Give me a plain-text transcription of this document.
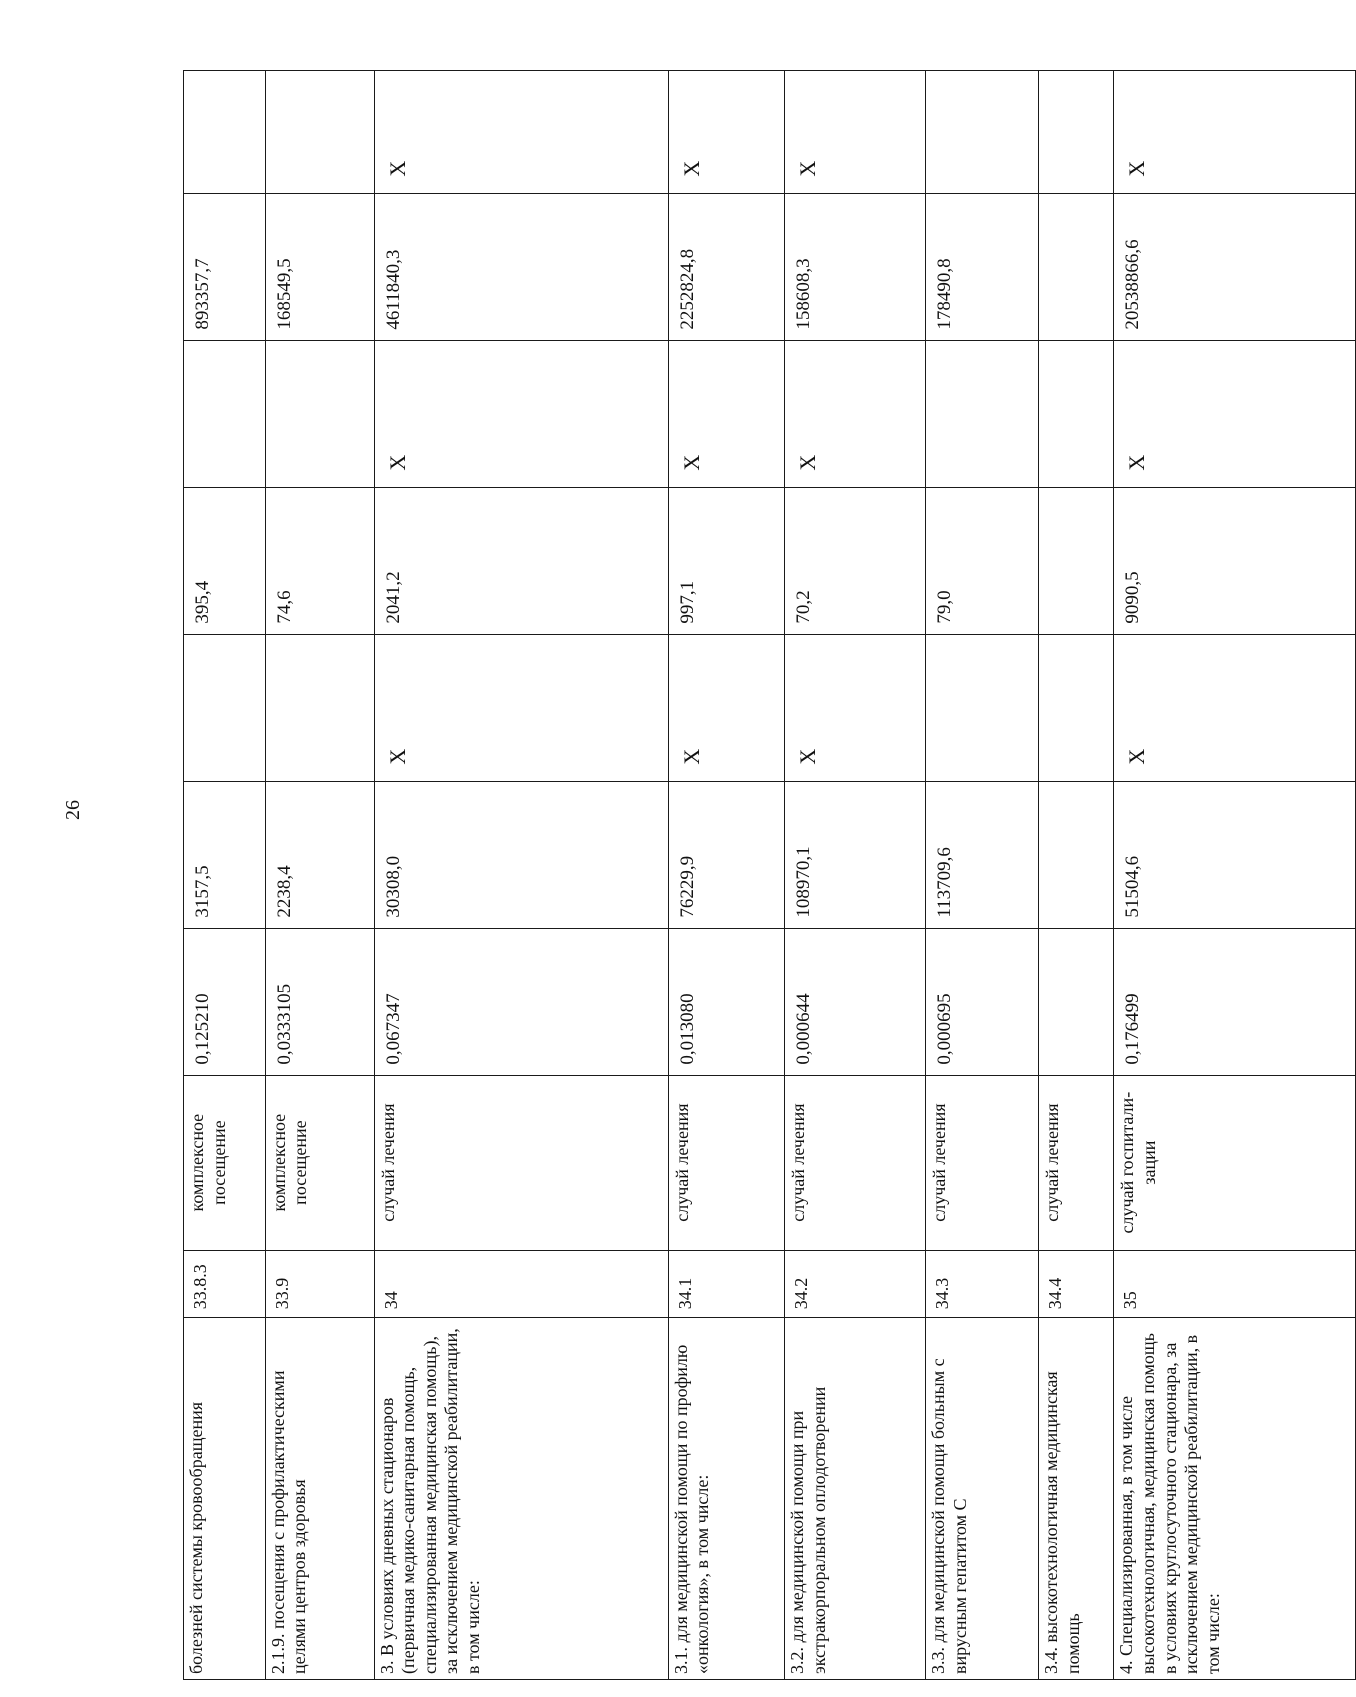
26
болезней системы кровообращения	33.8.3	комплексное посещение	0,125210	3157,5		395,4		893357,7	
2.1.9. посещения с профилактическими целями центров здоровья	33.9	комплексное посещение	0,0333105	2238,4		74,6		168549,5	
3. В условиях дневных стационаров (первичная медико-санитарная помощь, специализированная медицинская помощь), за исключением медицинской реабилитации, в том числе:	34	случай лечения	0,067347	30308,0	X	2041,2	X	4611840,3	X
3.1. для медицинской помощи по профилю «онкология», в том числе:	34.1	случай лечения	0,013080	76229,9	X	997,1	X	2252824,8	X
3.2. для медицинской помощи при экстракорпоральном оплодотворении	34.2	случай лечения	0,000644	108970,1	X	70,2	X	158608,3	X
3.3. для медицинской помощи больным с вирусным гепатитом С	34.3	случай лечения	0,000695	113709,6		79,0		178490,8	
3.4. высокотехнологичная медицинская помощь	34.4	случай лечения							
4. Специализированная, в том числе высокотехнологичная, медицинская помощь в условиях круглосуточного стационара, за исключением медицинской реабилитации, в том числе:	35	случай госпитали-зации	0,176499	51504,6	X	9090,5	X	20538866,6	X
